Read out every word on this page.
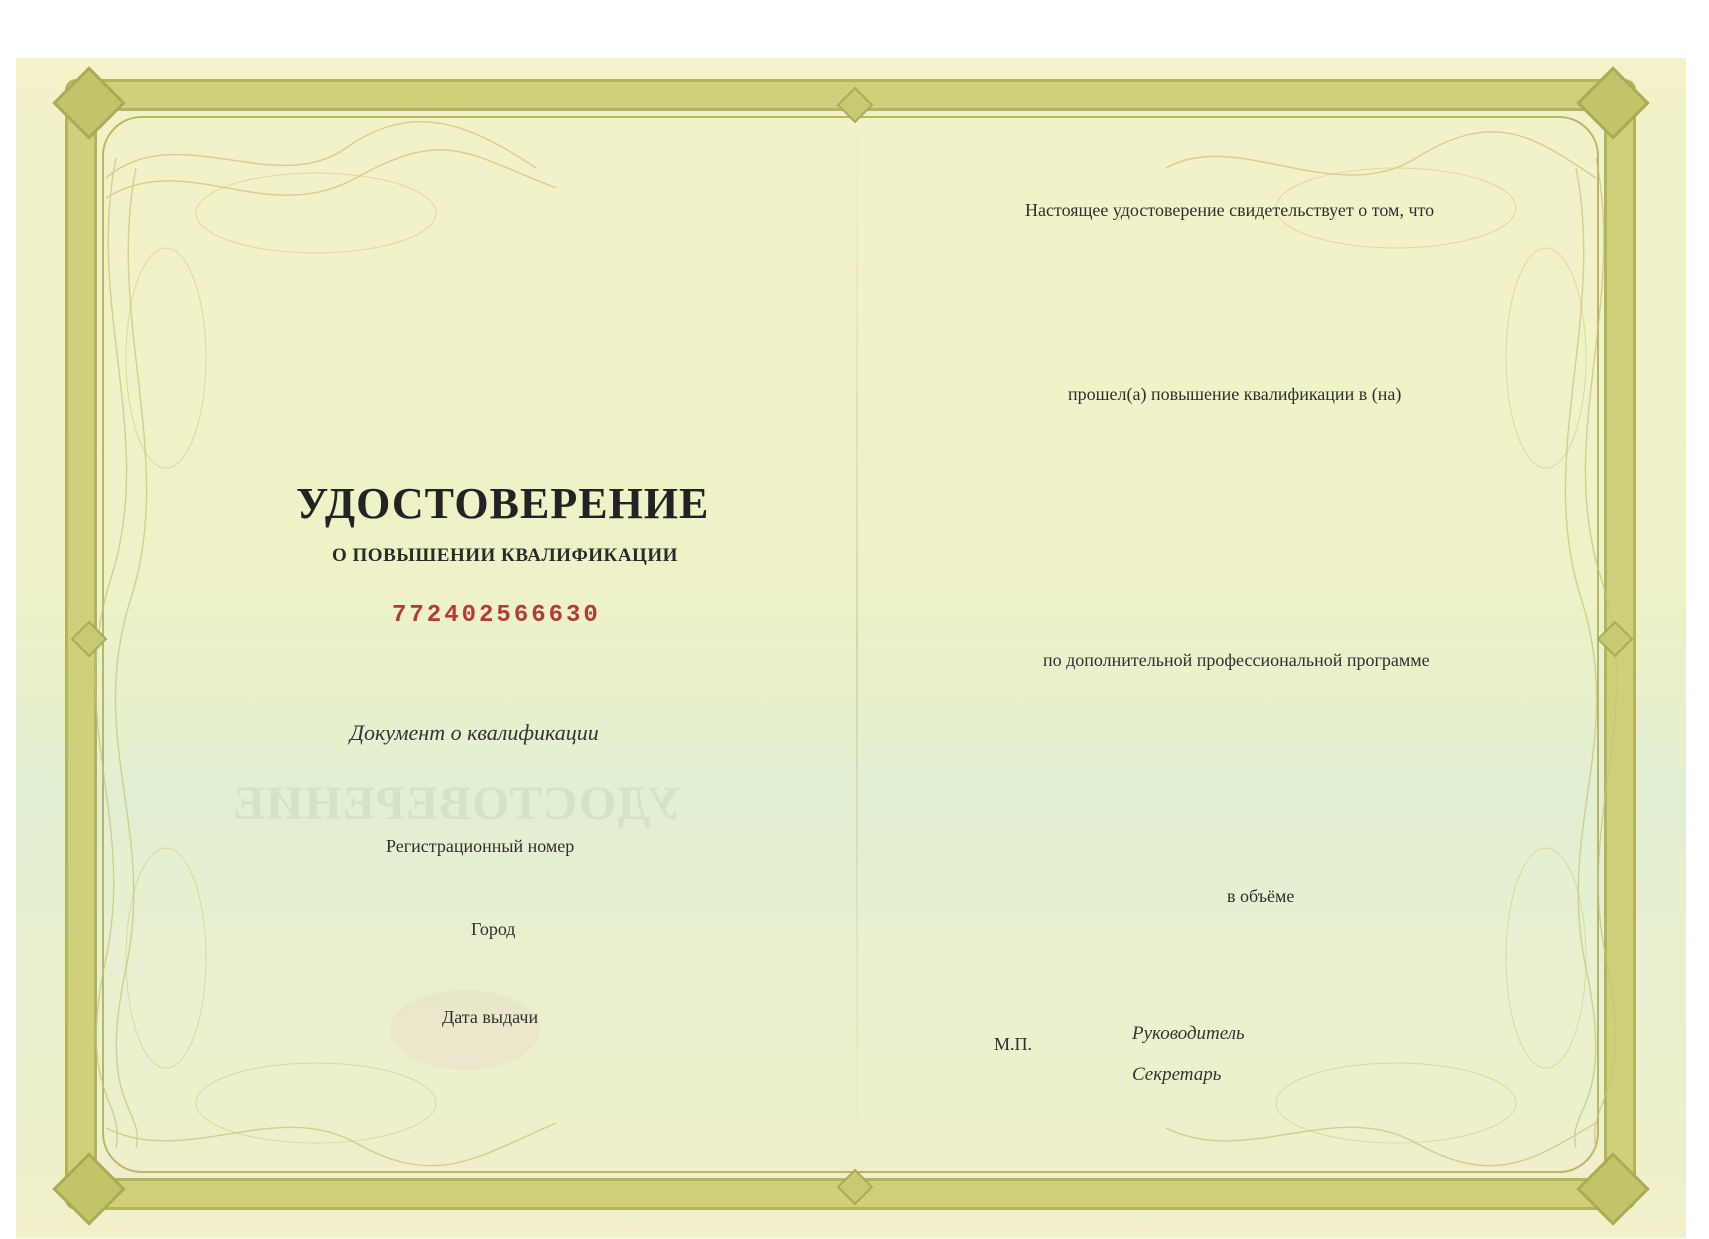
УДОСТОВЕРЕНИЕ
УДОСТОВЕРЕНИЕ
О ПОВЫШЕНИИ КВАЛИФИКАЦИИ
772402566630
Документ о квалификации
Регистрационный номер
Город
Дата выдачи
Настоящее удостоверение свидетельствует о том, что
прошел(а) повышение квалификации в (на)
по дополнительной профессиональной программе
в объёме
М.П.	Руководитель
Секретарь
